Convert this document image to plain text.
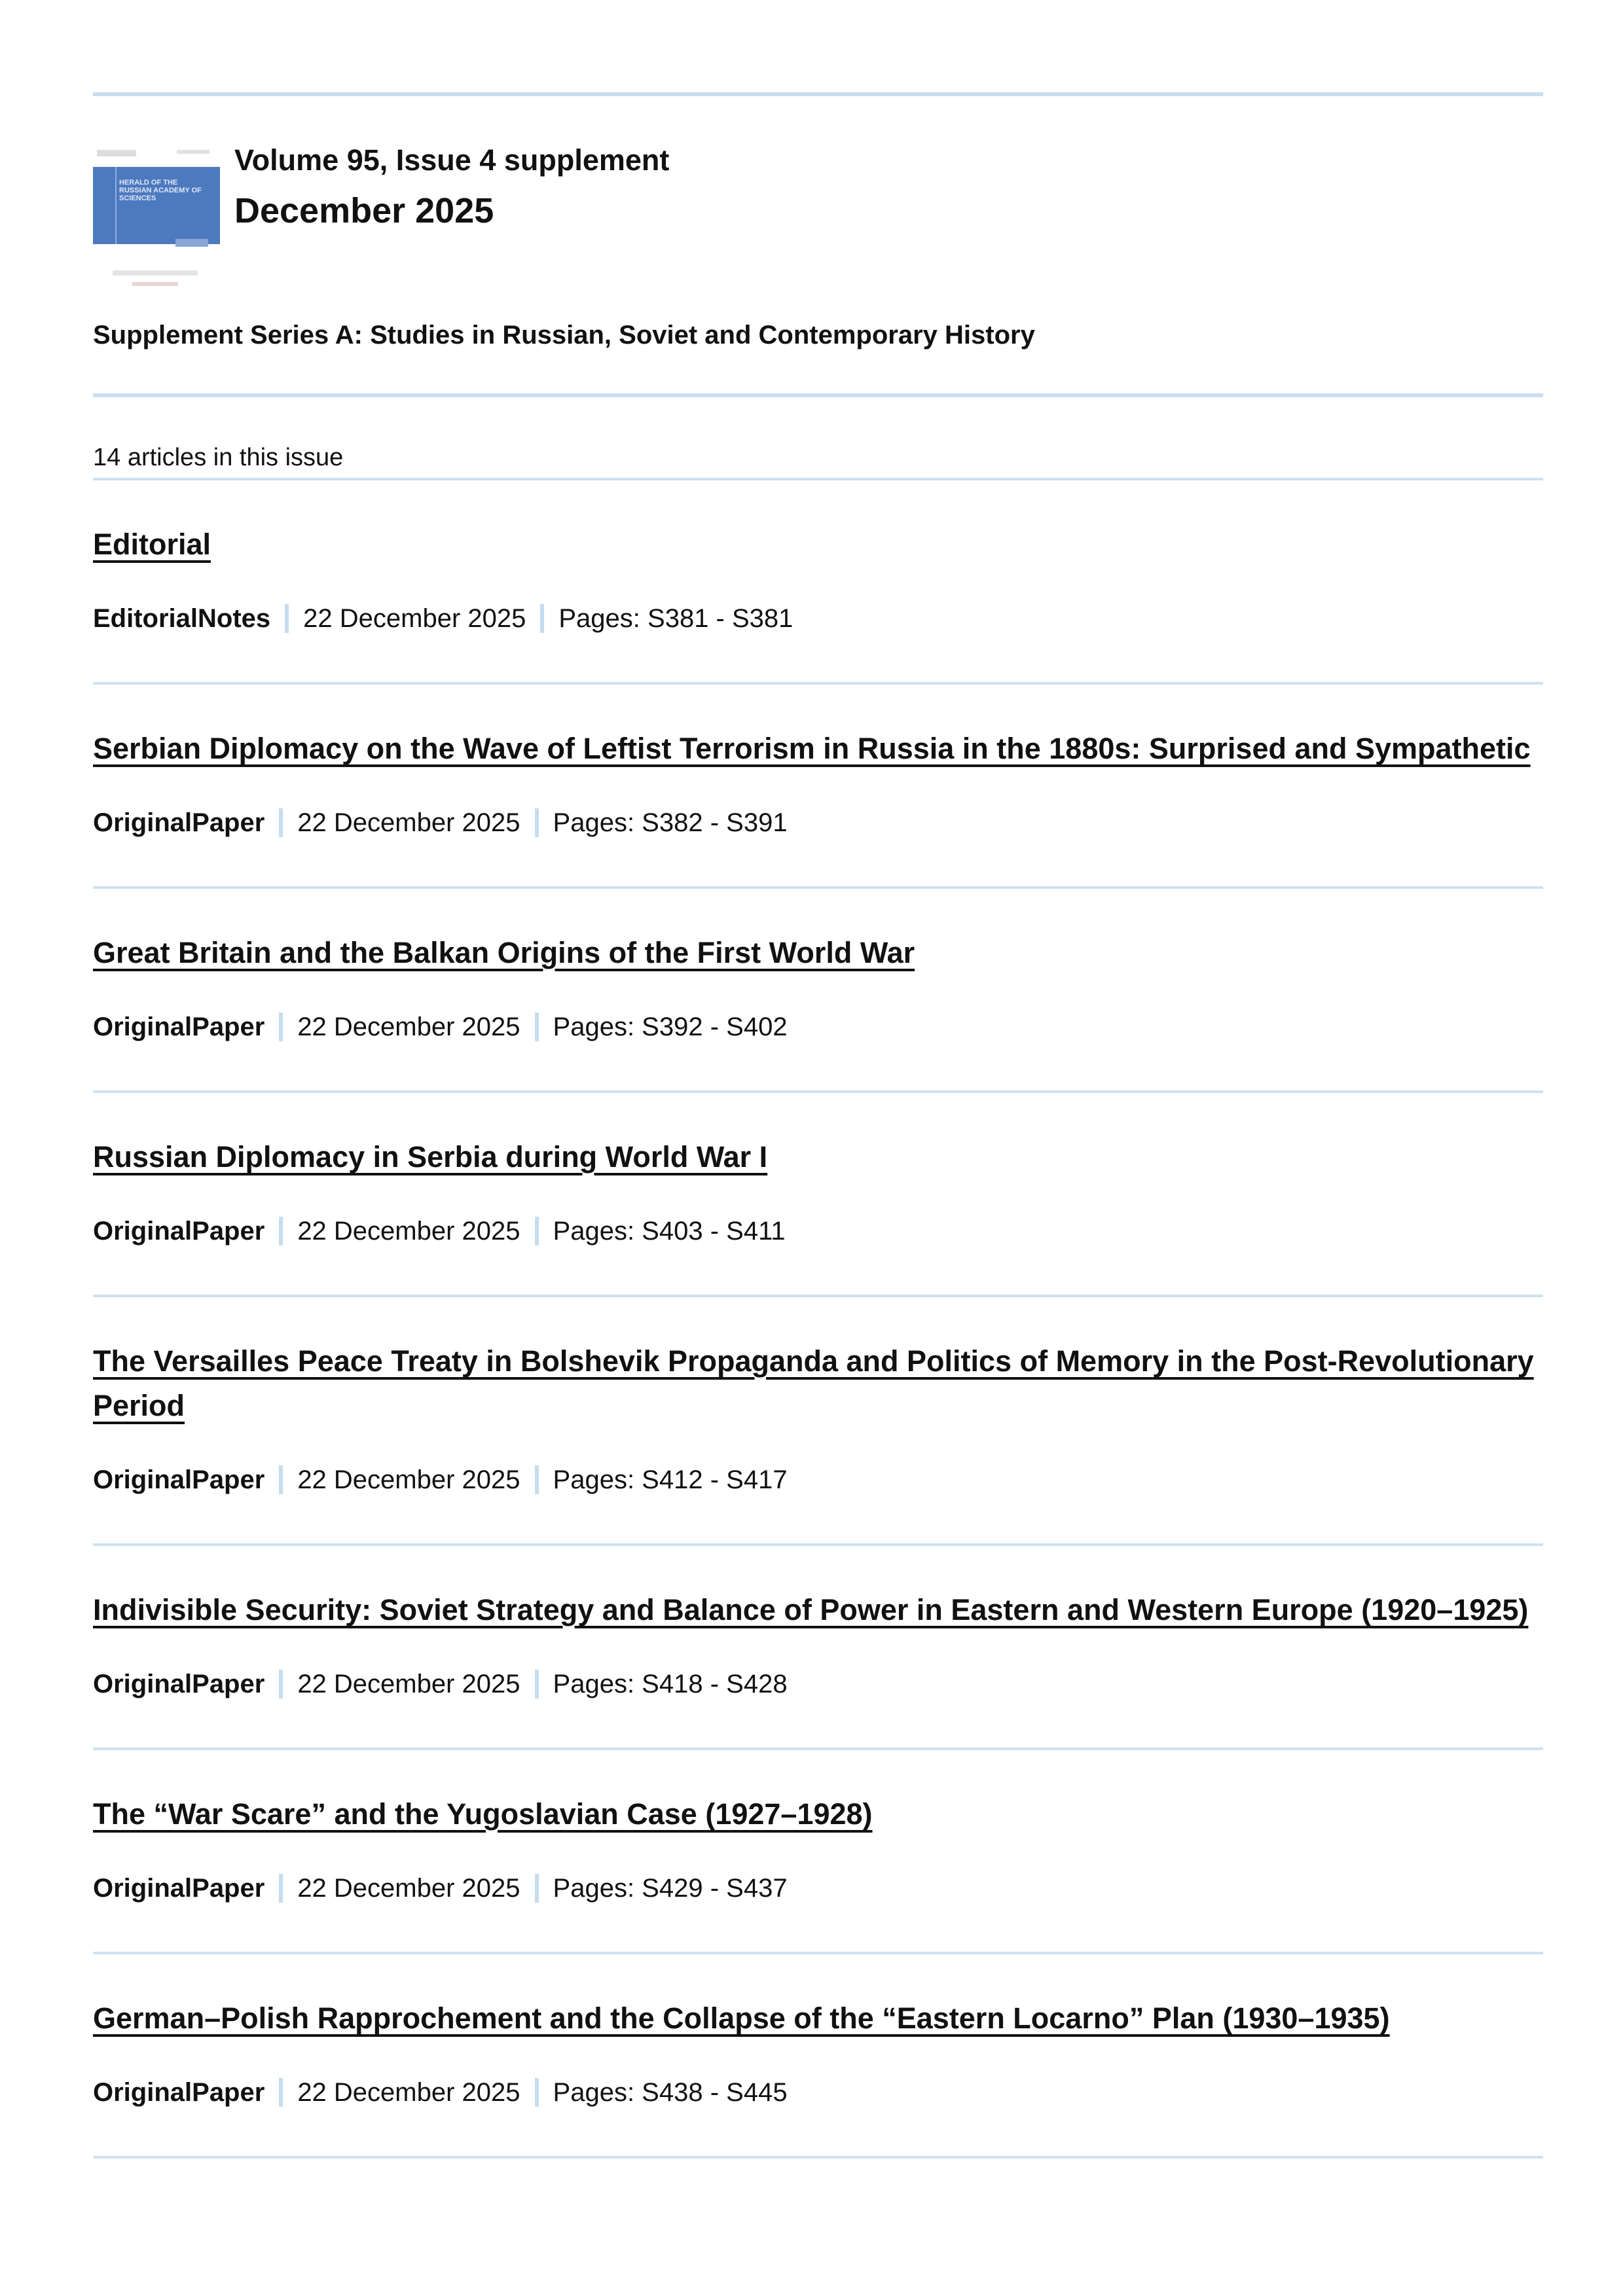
HERALD OF THE RUSSIAN ACADEMY OF SCIENCES
Volume 95, Issue 4 supplement
December 2025
Supplement Series A: Studies in Russian, Soviet and Contemporary History
14 articles in this issue
Editorial
EditorialNotes 22 December 2025 Pages: S381 - S381
Serbian Diplomacy on the Wave of Leftist Terrorism in Russia in the 1880s: Surprised and Sympathetic
OriginalPaper 22 December 2025 Pages: S382 - S391
Great Britain and the Balkan Origins of the First World War
OriginalPaper 22 December 2025 Pages: S392 - S402
Russian Diplomacy in Serbia during World War I
OriginalPaper 22 December 2025 Pages: S403 - S411
The Versailles Peace Treaty in Bolshevik Propaganda and Politics of Memory in the Post-Revolutionary Period
OriginalPaper 22 December 2025 Pages: S412 - S417
Indivisible Security: Soviet Strategy and Balance of Power in Eastern and Western Europe (1920–1925)
OriginalPaper 22 December 2025 Pages: S418 - S428
The “War Scare” and the Yugoslavian Case (1927–1928)
OriginalPaper 22 December 2025 Pages: S429 - S437
German–Polish Rapprochement and the Collapse of the “Eastern Locarno” Plan (1930–1935)
OriginalPaper 22 December 2025 Pages: S438 - S445
